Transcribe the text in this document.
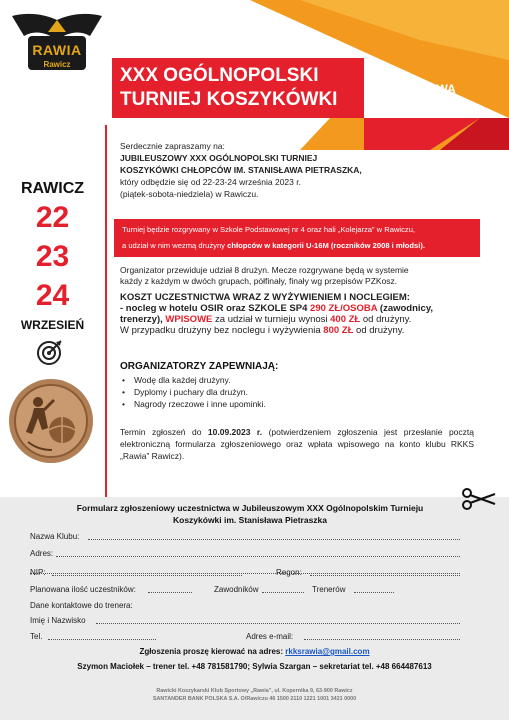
RKKS
RAWIA
Rawicz
XXX OGÓLNOPOLSKI
TURNIEJ KOSZYKÓWKI
IM.
STANISŁAWA
PIETRASZKA
RAWICZ
22
23
24
WRZESIEŃ
Serdecznie zapraszamy na:
JUBILEUSZOWY XXX OGÓLNOPOLSKI TURNIEJ
KOSZYKÓWKI CHŁOPCÓW IM. STANISŁAWA PIETRASZKA,
który odbędzie się od 22-23-24 września 2023 r.
(piątek-sobota-niedziela) w Rawiczu.
Turniej będzie rozgrywany w Szkole Podstawowej nr 4 oraz hali „Kolejarza” w Rawiczu,
a udział w nim wezmą drużyny chłopców w kategorii U-16M (roczników 2008 i młodsi).
Organizator przewiduje udział 8 drużyn. Mecze rozgrywane będą w systemie
każdy z każdym w dwóch grupach, półfinały, finały wg przepisów PZKosz.
KOSZT UCZESTNICTWA WRAZ Z WYŻYWIENIEM I NOCLEGIEM:
- nocleg w hotelu OSIR oraz SZKOLE SP4 290 ZŁ/OSOBA (zawodnicy,
trenerzy), WPISOWE za udział w turnieju wynosi 400 ZŁ od drużyny.
W przypadku drużyny bez noclegu i wyżywienia 800 ZŁ od drużyny.
ORGANIZATORZY ZAPEWNIAJĄ:
• Wodę dla każdej drużyny.
• Dyplomy i puchary dla drużyn.
• Nagrody rzeczowe i inne upominki.
Termin zgłoszeń do 10.09.2023 r. (potwierdzeniem zgłoszenia jest przesłanie pocztą elektroniczną formularza zgłoszeniowego oraz wpłata wpisowego na konto klubu RKKS „Rawia” Rawicz).
Formularz zgłoszeniowy uczestnictwa w Jubileuszowym XXX Ogólnopolskim Turnieju
Koszykówki im. Stanisława Pietraszka
Nazwa Klubu:
Adres:
NIP:	Regon:
Planowana ilość uczestników:	Zawodników	Trenerów
Dane kontaktowe do trenera:
Imię i Nazwisko
Tel.	Adres e-mail:
Zgłoszenia proszę kierować na adres: rkksrawia@gmail.com
Szymon Maciołek – trener tel. +48 781581790; Sylwia Szargan – sekretariat tel. +48 664487613
Rawicki Koszykarski Klub Sportowy „Rawia”, ul. Kopernika 9, 63-900 Rawicz
SANTANDER BANK POLSKA S.A. O/Rawiczu 46 1500 2110 1221 1001 3421 0000
